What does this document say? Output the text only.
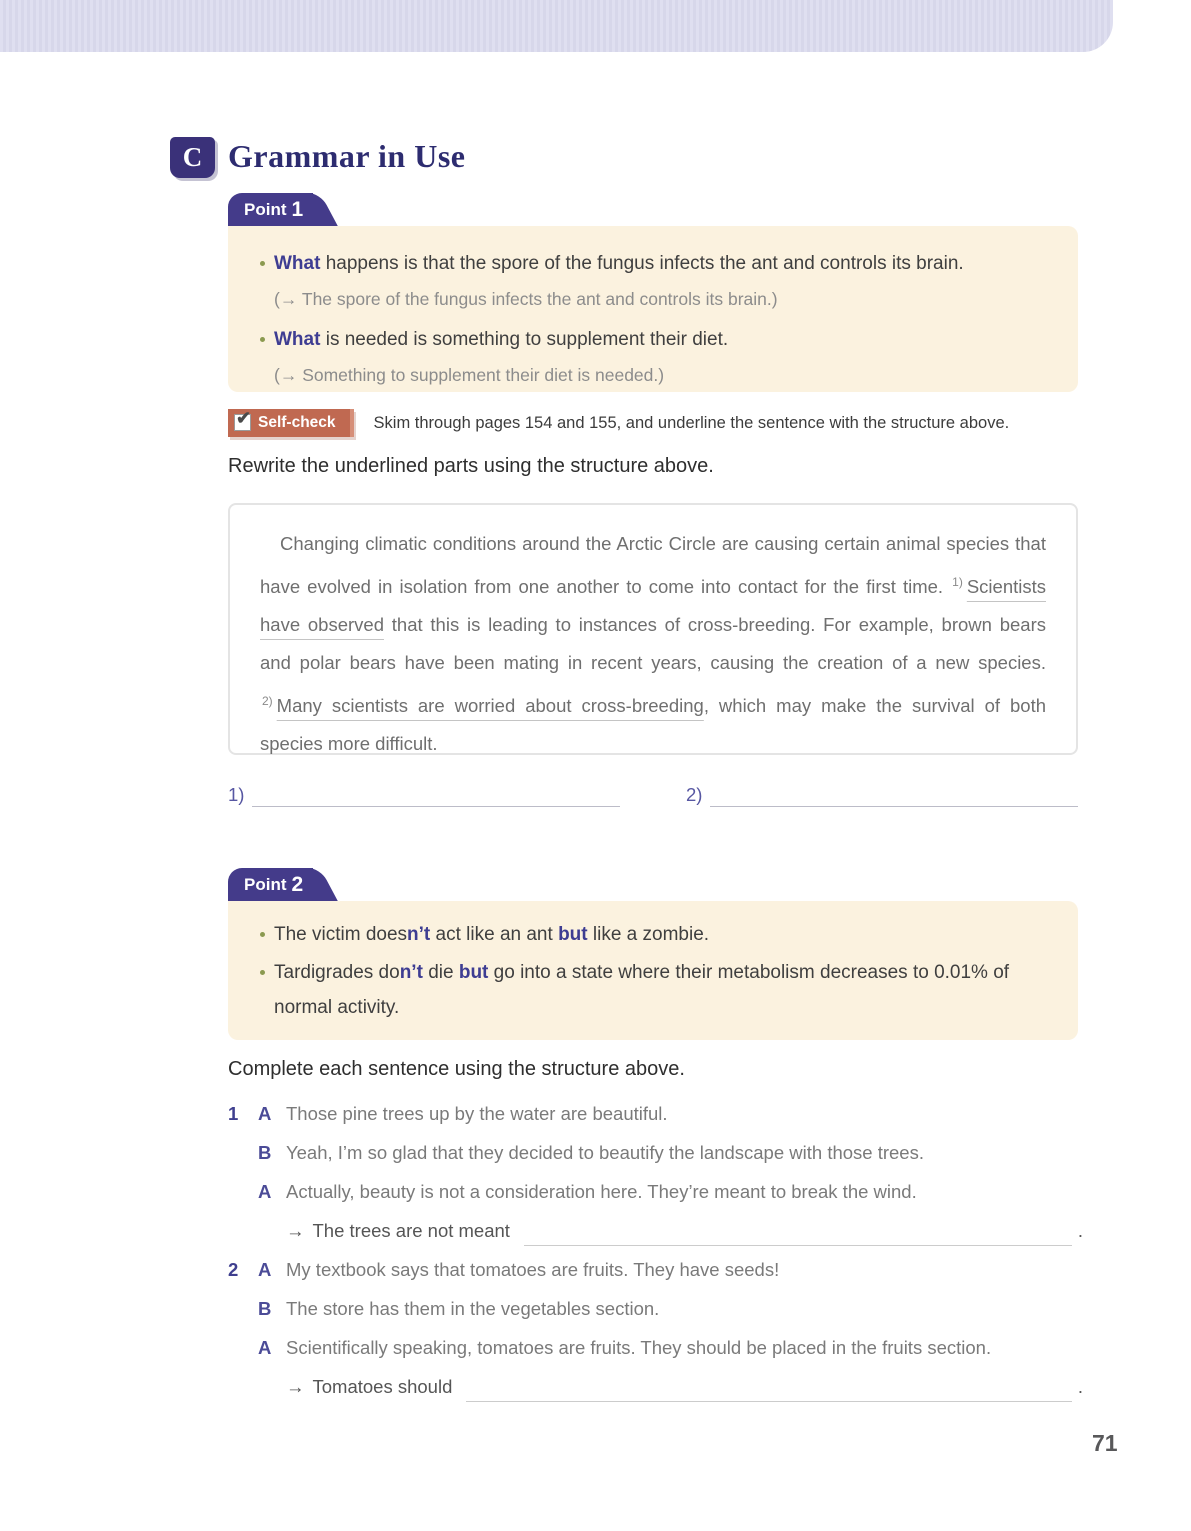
C Grammar in Use
Point 1
What happens is that the spore of the fungus infects the ant and controls its brain.
(→ The spore of the fungus infects the ant and controls its brain.)
What is needed is something to supplement their diet.
(→ Something to supplement their diet is needed.)
✔
Self-check	Skim through pages 154 and 155, and underline the sentence with the structure above.
Rewrite the underlined parts using the structure above.

Changing climatic conditions around the Arctic Circle are causing certain animal species that have evolved in isolation from one another to come into contact for the first time. $^{1)}$ Scientists have observed that this is leading to instances of cross-breeding. For example, brown bears and polar bears have been mating in recent years, causing the creation of a new species. $^{2)}$ Many scientists are worried about cross-breeding, which may make the survival of both species more difficult.

1)	2)
Point 2
The victim doesn’t act like an ant but like a zombie.
Tardigrades don’t die but go into a state where their metabolism decreases to 0.01% of normal activity.
Complete each sentence using the structure above.
1	A Those pine trees up by the water are beautiful.
B Yeah, I’m so glad that they decided to beautify the landscape with those trees.
A Actually, beauty is not a consideration here. They’re meant to break the wind.
→ The trees are not meant	.
2	A My textbook says that tomatoes are fruits. They have seeds!
B The store has them in the vegetables section.
A Scientifically speaking, tomatoes are fruits. They should be placed in the fruits section.
→ Tomatoes should	.
71
